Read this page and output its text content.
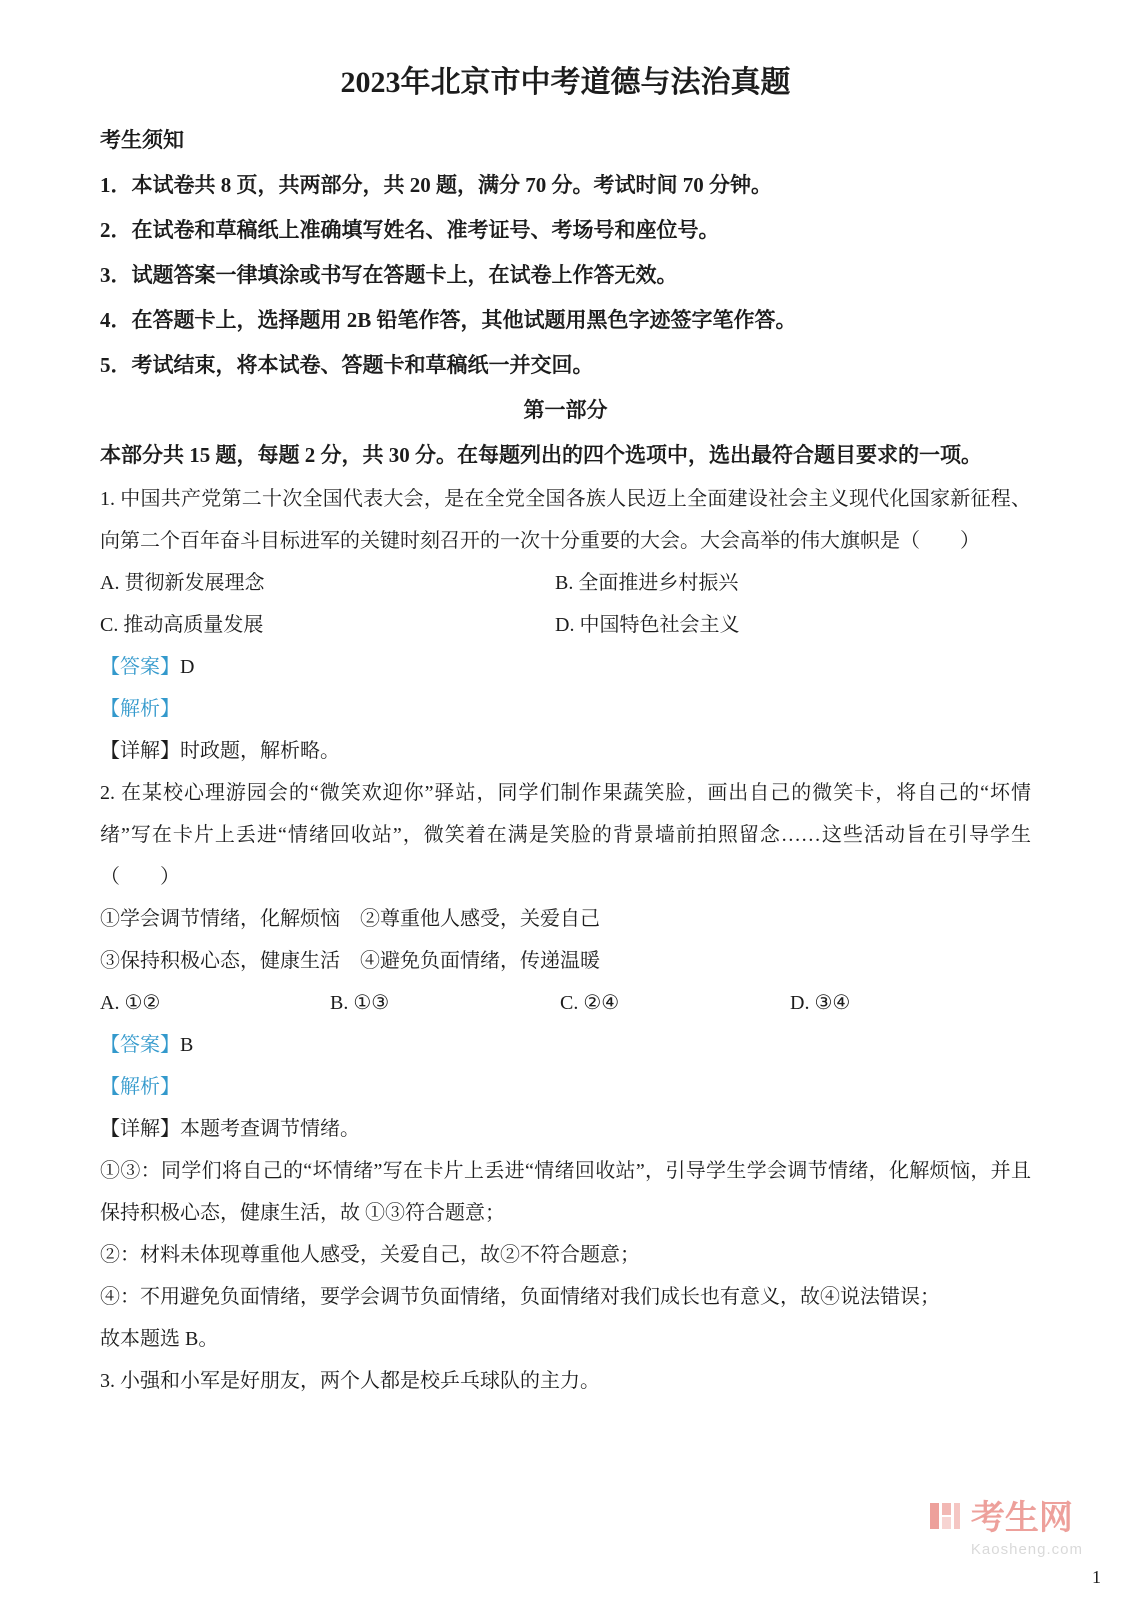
2023年北京市中考道德与法治真题

考生须知

1．本试卷共 8 页，共两部分，共 20 题，满分 70 分。考试时间 70 分钟。

2．在试卷和草稿纸上准确填写姓名、准考证号、考场号和座位号。

3．试题答案一律填涂或书写在答题卡上，在试卷上作答无效。

4．在答题卡上，选择题用 2B 铅笔作答，其他试题用黑色字迹签字笔作答。

5．考试结束，将本试卷、答题卡和草稿纸一并交回。

第一部分

本部分共 15 题，每题 2 分，共 30 分。在每题列出的四个选项中，选出最符合题目要求的一项。

1. 中国共产党第二十次全国代表大会，是在全党全国各族人民迈上全面建设社会主义现代化国家新征程、向第二个百年奋斗目标进军的关键时刻召开的一次十分重要的大会。大会高举的伟大旗帜是（　　）

A. 贯彻新发展理念	B. 全面推进乡村振兴
C. 推动高质量发展	D. 中国特色社会主义

【答案】D

【解析】

【详解】时政题，解析略。

2. 在某校心理游园会的“微笑欢迎你”驿站，同学们制作果蔬笑脸，画出自己的微笑卡，将自己的“坏情绪”写在卡片上丢进“情绪回收站”，微笑着在满是笑脸的背景墙前拍照留念……这些活动旨在引导学生（　　）

①学会调节情绪，化解烦恼　②尊重他人感受，关爱自己

③保持积极心态，健康生活　④避免负面情绪，传递温暖

A. ①②	B. ①③	C. ②④	D. ③④

【答案】B

【解析】

【详解】本题考查调节情绪。

①③：同学们将自己的“坏情绪”写在卡片上丢进“情绪回收站”，引导学生学会调节情绪，化解烦恼，并且保持积极心态，健康生活，故 ①③符合题意；

②：材料未体现尊重他人感受，关爱自己，故②不符合题意；

④：不用避免负面情绪，要学会调节负面情绪，负面情绪对我们成长也有意义，故④说法错误；

故本题选 B。

3. 小强和小军是好朋友，两个人都是校乒乓球队的主力。

考生网
Kaosheng.com
1
